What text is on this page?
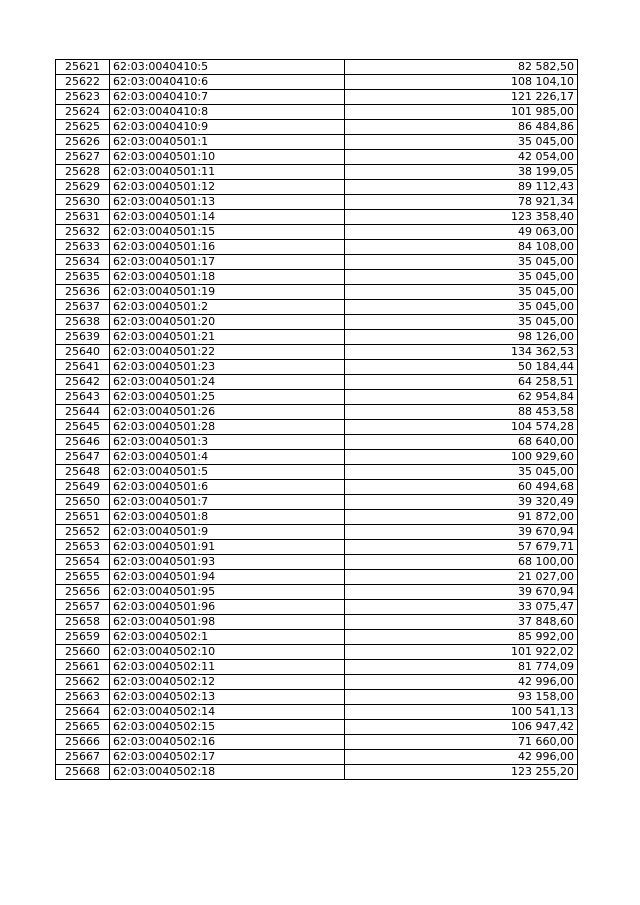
25621	62:03:0040410:5	82 582,50
25622	62:03:0040410:6	108 104,10
25623	62:03:0040410:7	121 226,17
25624	62:03:0040410:8	101 985,00
25625	62:03:0040410:9	86 484,86
25626	62:03:0040501:1	35 045,00
25627	62:03:0040501:10	42 054,00
25628	62:03:0040501:11	38 199,05
25629	62:03:0040501:12	89 112,43
25630	62:03:0040501:13	78 921,34
25631	62:03:0040501:14	123 358,40
25632	62:03:0040501:15	49 063,00
25633	62:03:0040501:16	84 108,00
25634	62:03:0040501:17	35 045,00
25635	62:03:0040501:18	35 045,00
25636	62:03:0040501:19	35 045,00
25637	62:03:0040501:2	35 045,00
25638	62:03:0040501:20	35 045,00
25639	62:03:0040501:21	98 126,00
25640	62:03:0040501:22	134 362,53
25641	62:03:0040501:23	50 184,44
25642	62:03:0040501:24	64 258,51
25643	62:03:0040501:25	62 954,84
25644	62:03:0040501:26	88 453,58
25645	62:03:0040501:28	104 574,28
25646	62:03:0040501:3	68 640,00
25647	62:03:0040501:4	100 929,60
25648	62:03:0040501:5	35 045,00
25649	62:03:0040501:6	60 494,68
25650	62:03:0040501:7	39 320,49
25651	62:03:0040501:8	91 872,00
25652	62:03:0040501:9	39 670,94
25653	62:03:0040501:91	57 679,71
25654	62:03:0040501:93	68 100,00
25655	62:03:0040501:94	21 027,00
25656	62:03:0040501:95	39 670,94
25657	62:03:0040501:96	33 075,47
25658	62:03:0040501:98	37 848,60
25659	62:03:0040502:1	85 992,00
25660	62:03:0040502:10	101 922,02
25661	62:03:0040502:11	81 774,09
25662	62:03:0040502:12	42 996,00
25663	62:03:0040502:13	93 158,00
25664	62:03:0040502:14	100 541,13
25665	62:03:0040502:15	106 947,42
25666	62:03:0040502:16	71 660,00
25667	62:03:0040502:17	42 996,00
25668	62:03:0040502:18	123 255,20
